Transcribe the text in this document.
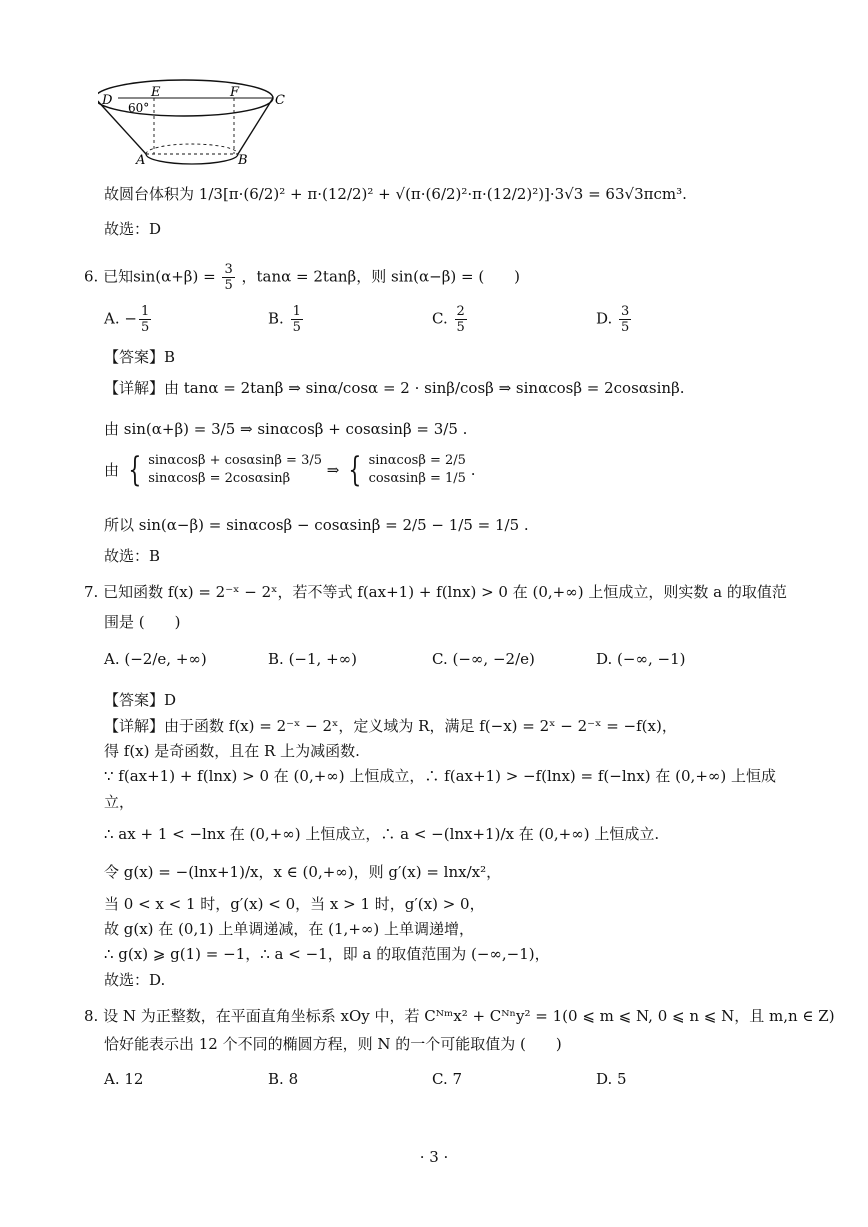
D
E	F
C
A	B
60°
故圆台体积为 1/3[π·(6/2)² + π·(12/2)² + √(π·(6/2)²·π·(12/2)²)]·3√3 = 63√3πcm³.
故选：D
6. 已知$\sin(\alpha+\beta) = \frac{3}{5}$ ，tanα = 2tanβ，则 sin(α−β) = (　　)
A. − $\frac{1}{5}$	B. $\frac{1}{5}$	C. $\frac{2}{5}$	D. $\frac{3}{5}$
【答案】B
【详解】由 tanα = 2tanβ ⇒ sinα/cosα = 2 · sinβ/cosβ ⇒ sinαcosβ = 2cosαsinβ.
由 sin(α+β) = 3/5 ⇒ sinαcosβ + cosαsinβ = 3/5 .
由 { sinαcosβ + cosαsinβ = 3/5
sinαcosβ = 2cosαsinβ ⇒ { sinαcosβ = 2/5
cosαsinβ = 1/5 .
所以 sin(α−β) = sinαcosβ − cosαsinβ = 2/5 − 1/5 = 1/5 .
故选：B
7. 已知函数 f(x) = 2⁻ˣ − 2ˣ，若不等式 f(ax+1) + f(lnx) > 0 在 (0,+∞) 上恒成立，则实数 a 的取值范
围是 (　　)
A. (−2/e, +∞)	B. (−1, +∞)	C. (−∞, −2/e)	D. (−∞, −1)
【答案】D
【详解】由于函数 f(x) = 2⁻ˣ − 2ˣ，定义域为 R，满足 f(−x) = 2ˣ − 2⁻ˣ = −f(x)，
得 f(x) 是奇函数，且在 R 上为减函数.
∵ f(ax+1) + f(lnx) > 0 在 (0,+∞) 上恒成立，∴ f(ax+1) > −f(lnx) = f(−lnx) 在 (0,+∞) 上恒成
立，
∴ ax + 1 < −lnx 在 (0,+∞) 上恒成立，∴ a < −(lnx+1)/x 在 (0,+∞) 上恒成立.
令 g(x) = −(lnx+1)/x，x ∈ (0,+∞)，则 g′(x) = lnx/x²，
当 0 < x < 1 时，g′(x) < 0，当 x > 1 时，g′(x) > 0，
故 g(x) 在 (0,1) 上单调递减，在 (1,+∞) 上单调递增，
∴ g(x) ⩾ g(1) = −1，∴ a < −1，即 a 的取值范围为 (−∞,−1)，
故选：D.
8. 设 N 为正整数，在平面直角坐标系 xOy 中，若 Cᴺᵐx² + Cᴺⁿy² = 1(0 ⩽ m ⩽ N, 0 ⩽ n ⩽ N，且 m,n ∈ Z)
恰好能表示出 12 个不同的椭圆方程，则 N 的一个可能取值为 (　　)
A. 12	B. 8	C. 7	D. 5
· 3 ·
